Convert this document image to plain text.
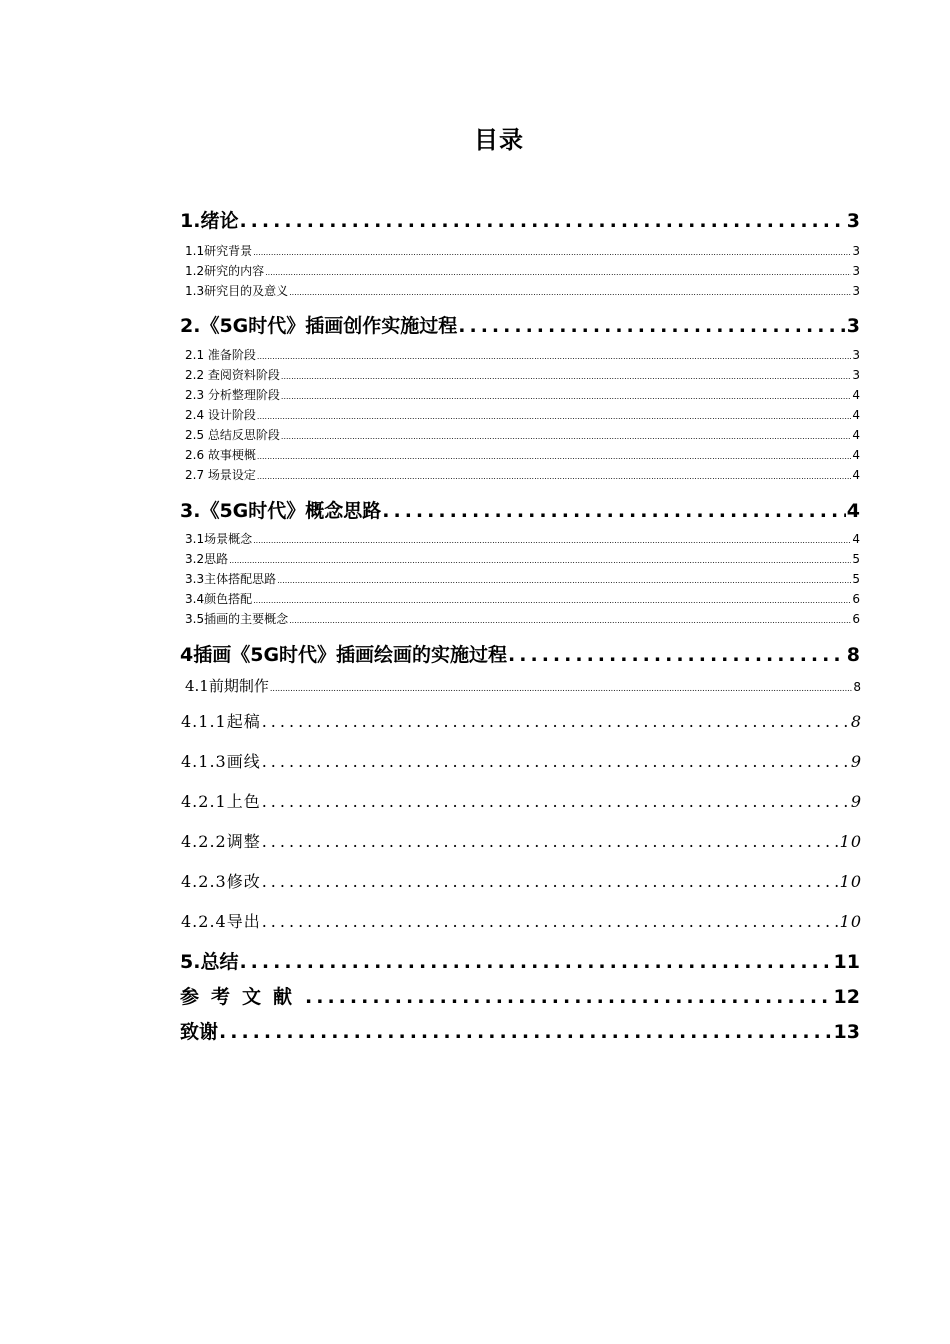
目录
1.绪论 .....	3
1.1研究背景 .....	3
1.2研究的内容 .....	3
1.3研究目的及意义 .....	3
2.《5G时代》插画创作实施过程 .....	3
2.1 准备阶段 .....	3
2.2 查阅资料阶段 .....	3
2.3 分析整理阶段 .....	4
2.4 设计阶段 .....	4
2.5 总结反思阶段 .....	4
2.6 故事梗概 .....	4
2.7 场景设定 .....	4
3.《5G时代》概念思路 .....	4
3.1场景概念 .....	4
3.2思路 .....	5
3.3主体搭配思路 .....	5
3.4颜色搭配 .....	6
3.5插画的主要概念 .....	6
4插画《5G时代》插画绘画的实施过程 .....	8
4.1前期制作 .....	8
4.1.1起稿 .....	8
4.1.3画线 .....	9
4.2.1上色 .....	9
4.2.2调整 .....	10
4.2.3修改 .....	10
4.2.4导出 .....	10
5.总结 .....	11
参考文献 .....	12
致谢 .....	13
